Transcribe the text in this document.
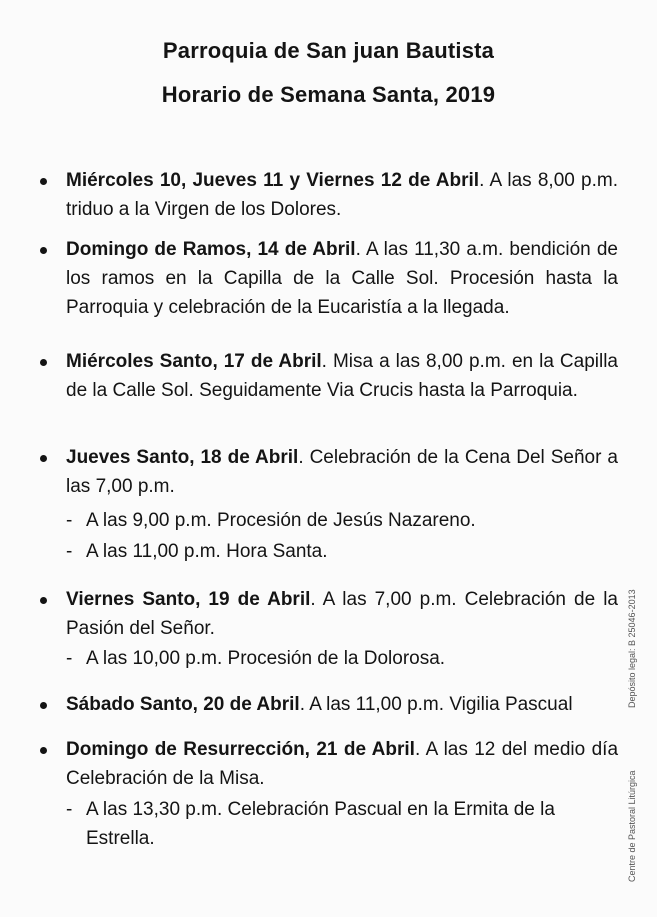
Parroquia de San juan Bautista
Horario de Semana Santa, 2019
Miércoles 10, Jueves 11 y Viernes 12 de Abril. A las 8,00 p.m. triduo a la Virgen de los Dolores.
Domingo de Ramos, 14 de Abril. A las 11,30 a.m. bendición de los ramos en la Capilla de la Calle Sol. Procesión hasta la Parroquia y celebración de la Eucaristía a la llegada.
Miércoles Santo, 17 de Abril. Misa a las 8,00 p.m. en la Capilla de la Calle Sol. Seguidamente Via Crucis hasta la Parroquia.
Jueves Santo, 18 de Abril. Celebración de la Cena Del Señor a las 7,00 p.m.
- A las 9,00 p.m. Procesión de Jesús Nazareno.
- A las 11,00 p.m. Hora Santa.
Viernes Santo, 19 de Abril. A las 7,00 p.m. Celebración de la Pasión del Señor.
- A las 10,00 p.m. Procesión de la Dolorosa.
Sábado Santo, 20 de Abril. A las 11,00 p.m. Vigilia Pascual
Domingo de Resurrección, 21 de Abril. A las 12 del medio día Celebración de la Misa.
- A las 13,30 p.m. Celebración Pascual en la Ermita de la Estrella.
Depósito legal: B 25046-2013
Centre de Pastoral Litúrgica
